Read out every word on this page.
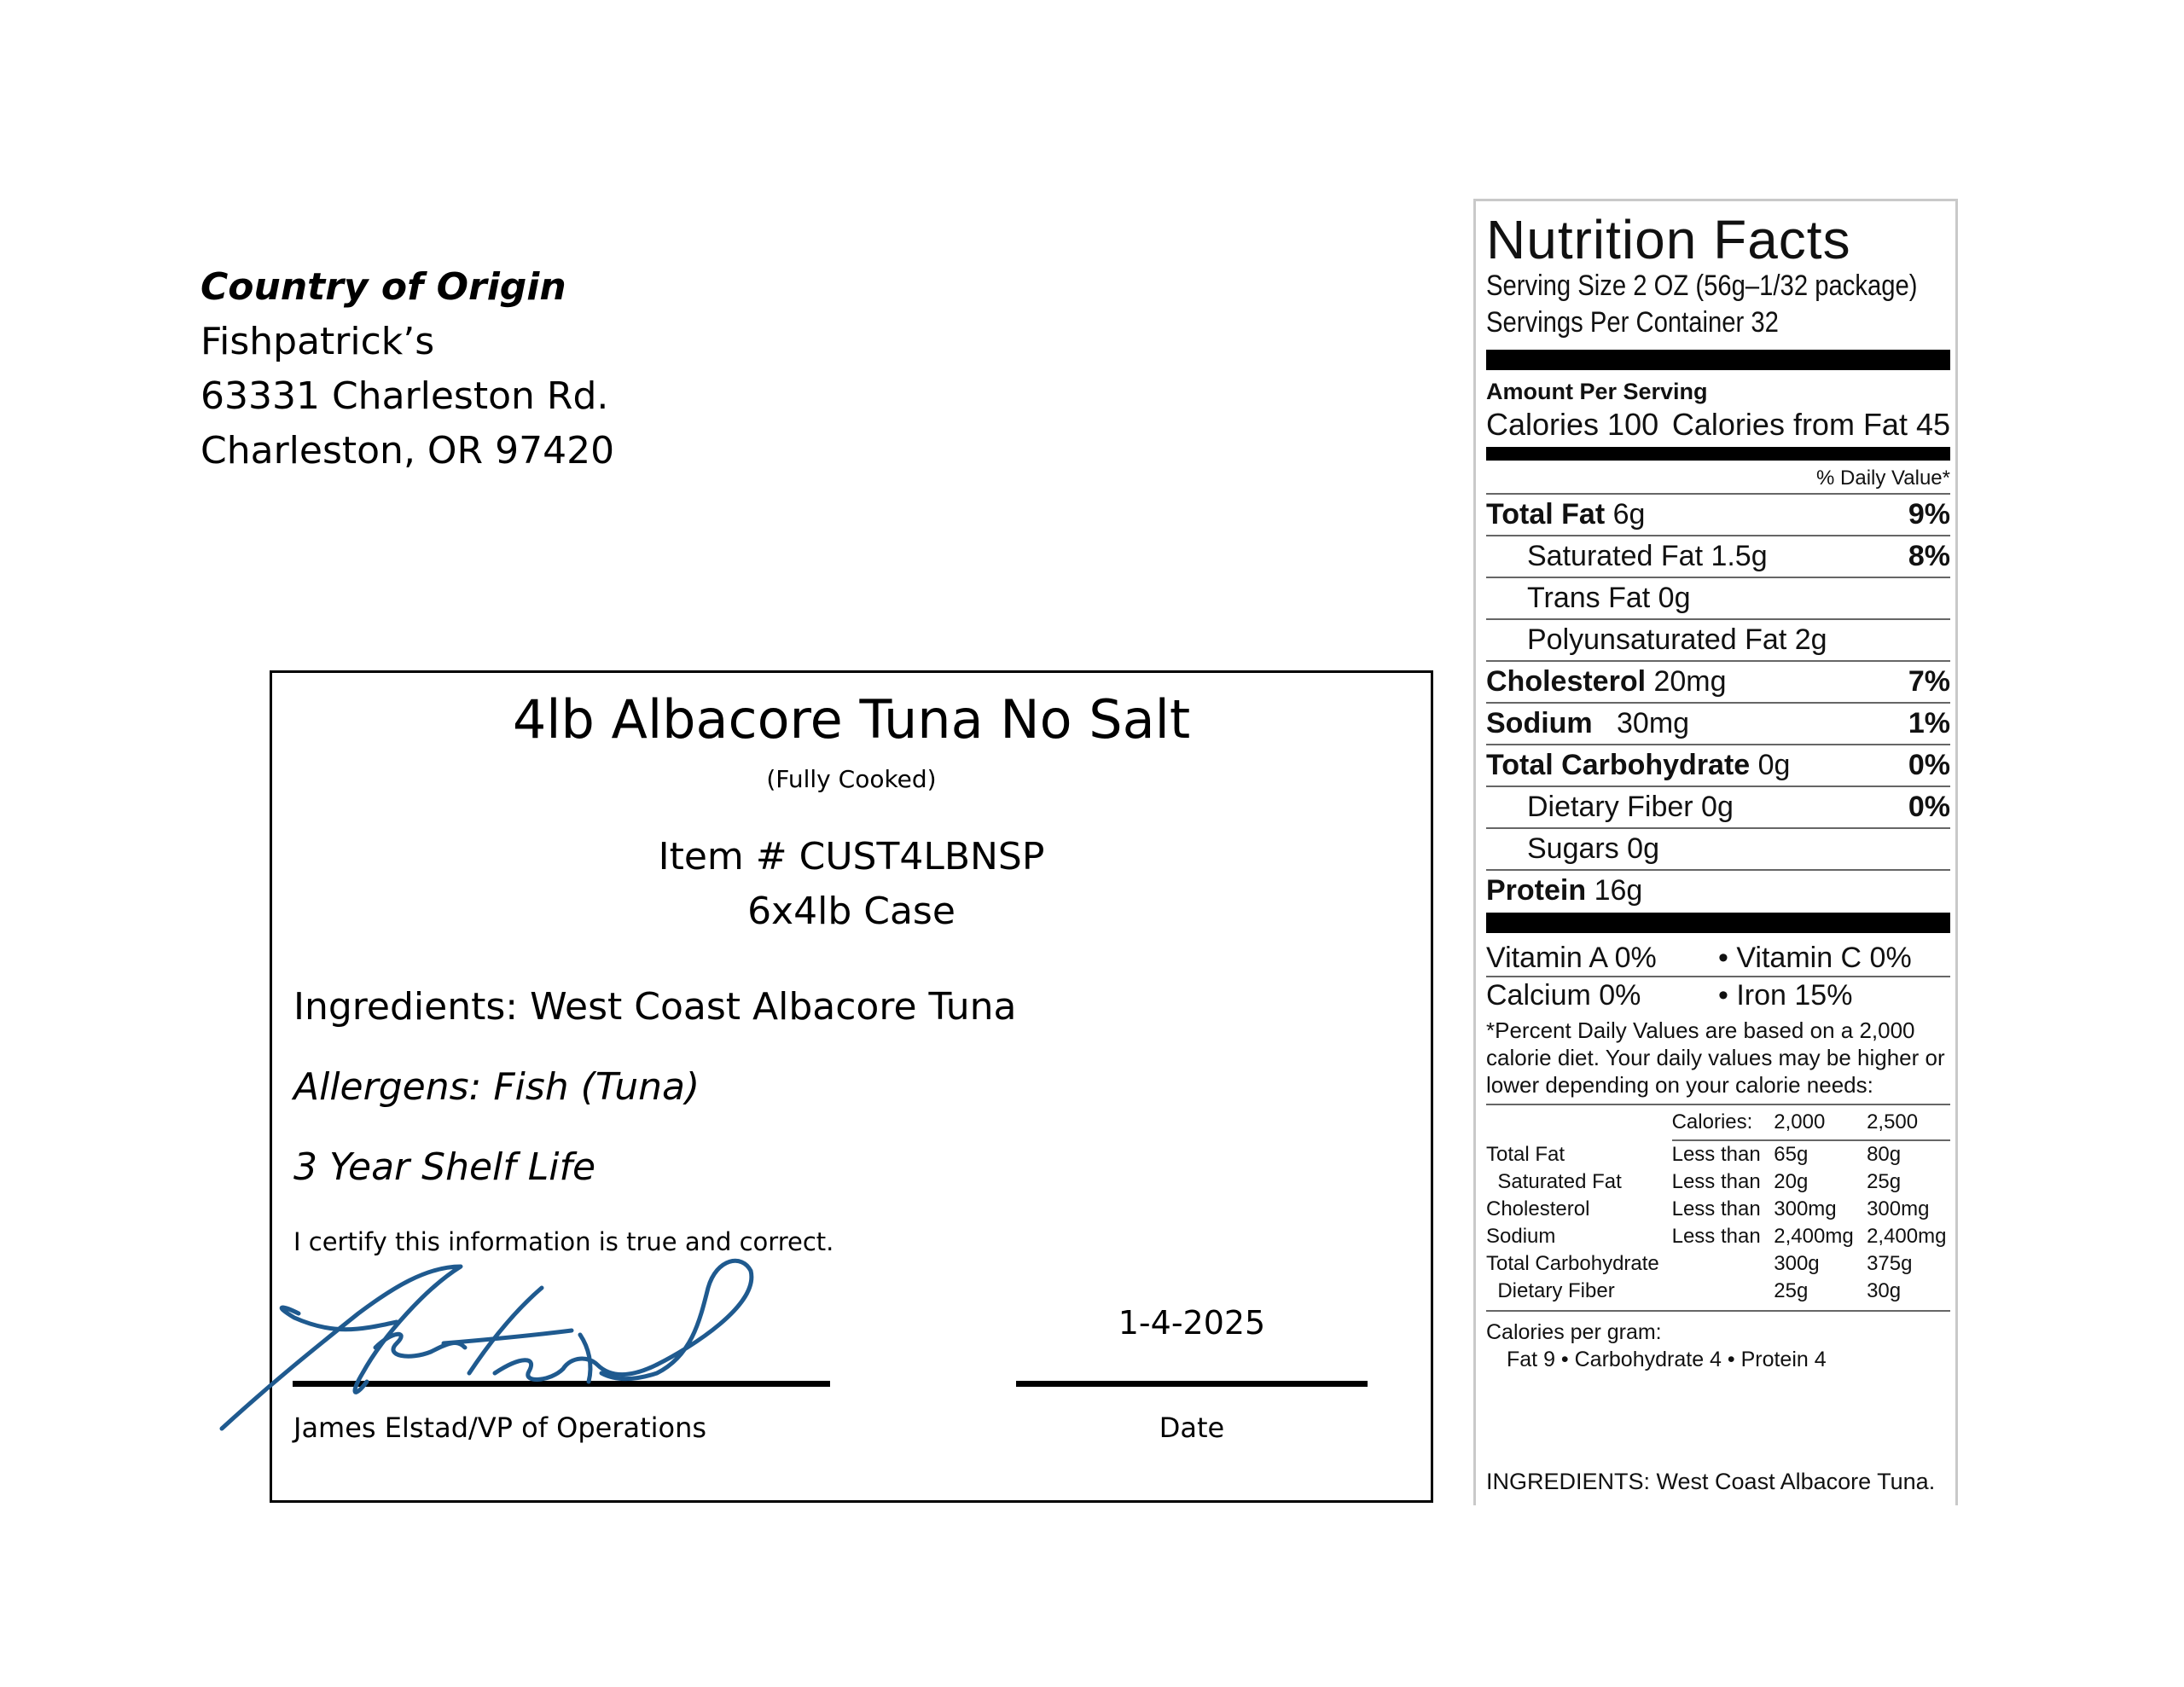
Country of Origin
Fishpatrick’s
63331 Charleston Rd.
Charleston, OR 97420
4lb Albacore Tuna No Salt
(Fully Cooked)
Item # CUST4LBNSP
6x4lb Case
Ingredients: West Coast Albacore Tuna
Allergens: Fish (Tuna)
3 Year Shelf Life
I certify this information is true and correct.
1-4-2025
James Elstad/VP of Operations	Date
Nutrition Facts
Serving Size 2 OZ (56g–1/32 package)
Servings Per Container 32
Amount Per Serving
Calories 100 Calories from Fat 45
% Daily Value*
Total Fat 6g	9%
Saturated Fat 1.5g	8%
Trans Fat 0g
Polyunsaturated Fat 2g
Cholesterol 20mg	7%
Sodium   30mg	1%
Total Carbohydrate 0g	0%
Dietary Fiber 0g	0%
Sugars 0g
Protein 16g
Vitamin A 0%	• Vitamin C 0%
Calcium 0%	• Iron 15%
*Percent Daily Values are based on a 2,000 calorie diet. Your daily values may be higher or lower depending on your calorie needs:
	Calories:	2,000	2,500
Total Fat	Less than	65g	80g
Saturated Fat	Less than	20g	25g
Cholesterol	Less than	300mg	300mg
Sodium	Less than	2,400mg	2,400mg
Total Carbohydrate		300g	375g
Dietary Fiber		25g	30g
Calories per gram:
Fat 9 • Carbohydrate 4 • Protein 4
INGREDIENTS: West Coast Albacore Tuna.
